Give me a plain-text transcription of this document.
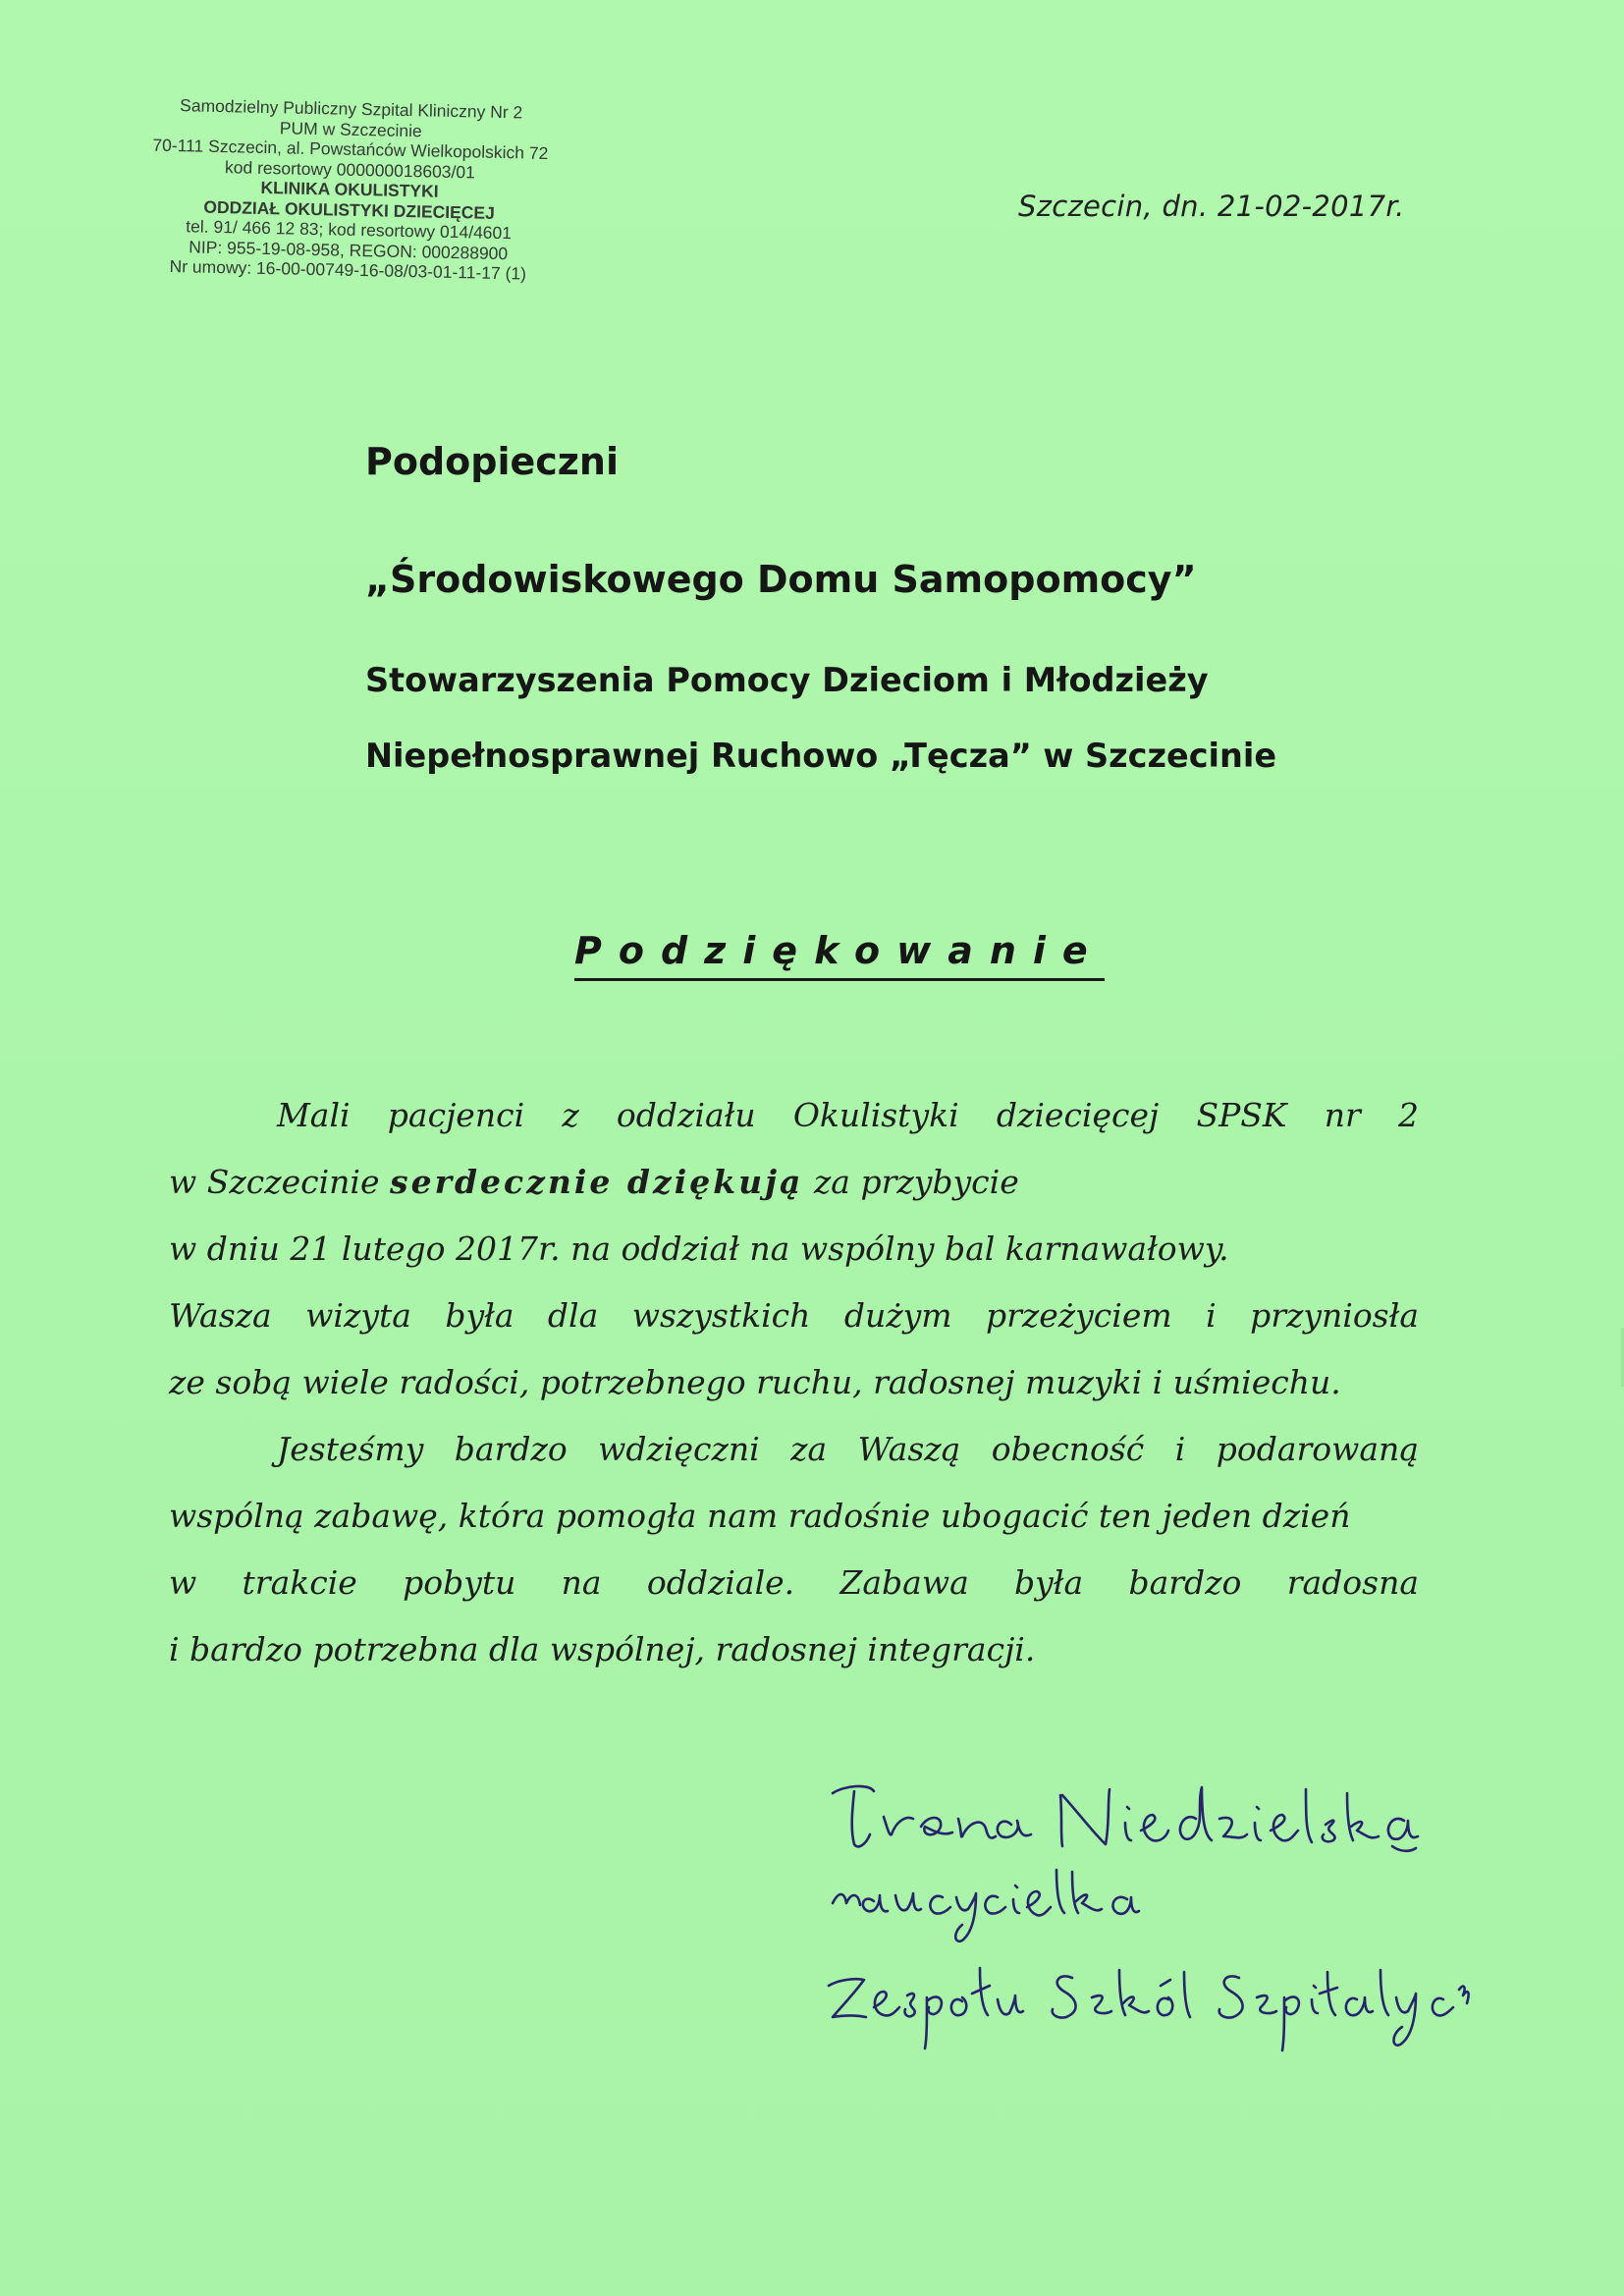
Samodzielny Publiczny Szpital Kliniczny Nr 2
PUM w Szczecinie
70-111 Szczecin, al. Powstańców Wielkopolskich 72
kod resortowy 000000018603/01
KLINIKA OKULISTYKI
ODDZIAŁ OKULISTYKI DZIECIĘCEJ
tel. 91/ 466 12 83; kod resortowy 014/4601
NIP: 955-19-08-958, REGON: 000288900
Nr umowy: 16-00-00749-16-08/03-01-11-17 (1)
Szczecin, dn. 21-02-2017r.
Podopieczni
„Środowiskowego Domu Samopomocy”
Stowarzyszenia Pomocy Dzieciom i Młodzieży
Niepełnosprawnej Ruchowo „Tęcza” w Szczecinie
Podziękowanie
Mali pacjenci z oddziału Okulistyki dziecięcej SPSK nr 2
w Szczecinie serdecznie dziękują za przybycie
w dniu 21 lutego 2017r. na oddział na wspólny bal karnawałowy.
Wasza wizyta była dla wszystkich dużym przeżyciem i przyniosła
ze sobą wiele radości, potrzebnego ruchu, radosnej muzyki i uśmiechu.
Jesteśmy bardzo wdzięczni za Waszą obecność i podarowaną
wspólną zabawę, która pomogła nam radośnie ubogacić ten jeden dzień
w trakcie pobytu na oddziale. Zabawa była bardzo radosna
i bardzo potrzebna dla wspólnej, radosnej integracji.
